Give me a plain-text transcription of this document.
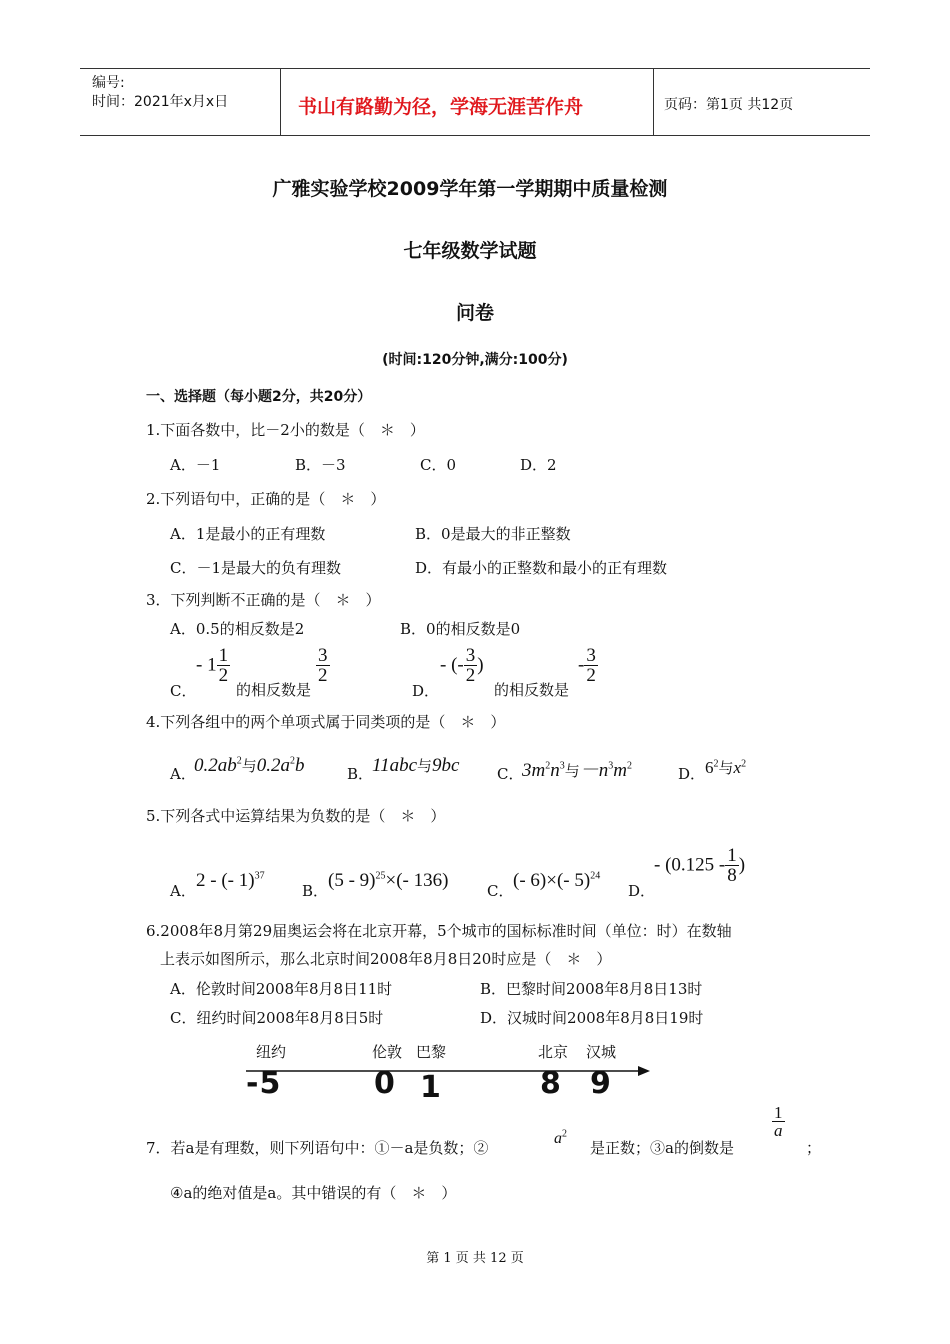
编号:
时间：2021年x月x日	书山有路勤为径，学海无涯苦作舟	页码：第1页 共12页
广雅实验学校2009学年第一学期期中质量检测
七年级数学试题
问卷
(时间:120分钟,满分:100分)
一、选择题（每小题2分，共20分）
1.下面各数中，比－2小的数是（　＊　）
A．－1	B．－3	C．0	D．2
2.下列语句中，正确的是（　＊　）
A．1是最小的正有理数	B．0是最大的非正整数
C．－1是最大的负有理数	D．有最小的正整数和最小的正有理数
3．下列判断不正确的是（　＊　）
A．0.5的相反数是2	B．0的相反数是0
C．
- $1 \frac{1}{2}$
的相反数是
$\frac{3}{2}$
D．
- (- $\frac{3}{2}$ )
的相反数是
- $\frac{3}{2}$
4.下列各组中的两个单项式属于同类项的是（　＊　）
A．
$0.2ab^2$与$0.2a^2b$	B．
11abc与9bc	C．
$3m^2n^3$与$-n^3m^2$	D． $6^2$与$x^2$
5.下列各式中运算结果为负数的是（　＊　）
A． 2 - (- 1)$^{37}$
B． (5 - 9)$^{25}$×(- 136)	C． (- 6)×(- 5)$^{24}$
D．
- ($0.125 - \frac{1}{8}$ )
6.2008年8月第29届奥运会将在北京开幕，5个城市的国标标准时间（单位：时）在数轴
上表示如图所示，那么北京时间2008年8月8日20时应是（　＊　）
A．伦敦时间2008年8月8日11时	B．巴黎时间2008年8月8日13时
C．纽约时间2008年8月8日5时	D．汉城时间2008年8月8日19时
纽约	伦敦 巴黎	北京 汉城
-5	0 1	8 9
7．若a是有理数，则下列语句中：①－a是负数；②
$a^2$
是正数；③a的倒数是
$\frac{1}{a}$
；
④a的绝对值是a。其中错误的有（　＊　）
第 1 页 共 12 页
